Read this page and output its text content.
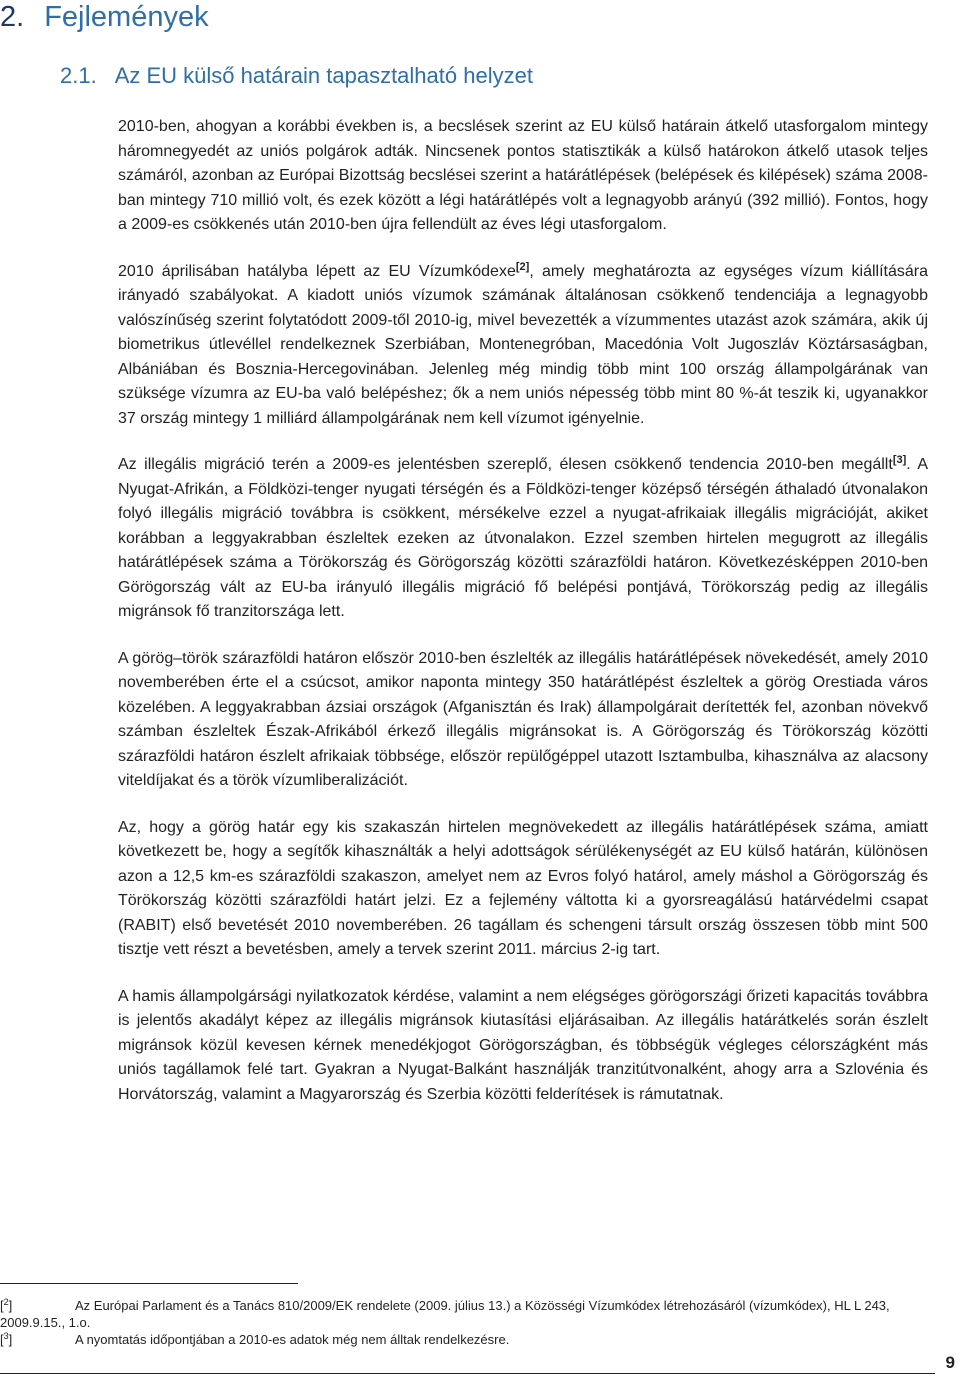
2. Fejlemények
2.1. Az EU külső határain tapasztalható helyzet

2010-ben, ahogyan a korábbi években is, a becslések szerint az EU külső határain átkelő utasforgalom mintegy háromnegyedét az uniós polgárok adták. Nincsenek pontos statisztikák a külső határokon átkelő utasok teljes számáról, azonban az Európai Bizottság becslései szerint a határátlépések (belépések és kilépések) száma 2008-ban mintegy 710 millió volt, és ezek között a légi határátlépés volt a legnagyobb arányú (392 millió). Fontos, hogy a 2009-es csökkenés után 2010-ben újra fellendült az éves légi utasforgalom.

2010 áprilisában hatályba lépett az EU Vízumkódexe[2], amely meghatározta az egységes vízum kiállítására irányadó szabályokat. A kiadott uniós vízumok számának általánosan csökkenő tendenciája a legnagyobb valószínűség szerint folytatódott 2009-től 2010-ig, mivel bevezették a vízummentes utazást azok számára, akik új biometrikus útlevéllel rendelkeznek Szerbiában, Montenegróban, Macedónia Volt Jugoszláv Köztársaságban, Albániában és Bosznia-Hercegovinában. Jelenleg még mindig több mint 100 ország állampolgárának van szüksége vízumra az EU-ba való belépéshez; ők a nem uniós népesség több mint 80 %-át teszik ki, ugyanakkor 37 ország mintegy 1 milliárd állampolgárának nem kell vízumot igényelnie.

Az illegális migráció terén a 2009-es jelentésben szereplő, élesen csökkenő tendencia 2010-ben megállt[3]. A Nyugat-Afrikán, a Földközi-tenger nyugati térségén és a Földközi-tenger középső térségén áthaladó útvonalakon folyó illegális migráció továbbra is csökkent, mérsékelve ezzel a nyugat-afrikaiak illegális migrációját, akiket korábban a leggyakrabban észleltek ezeken az útvonalakon. Ezzel szemben hirtelen megugrott az illegális határátlépések száma a Törökország és Görögország közötti szárazföldi határon. Következésképpen 2010-ben Görögország vált az EU-ba irányuló illegális migráció fő belépési pontjává, Törökország pedig az illegális migránsok fő tranzitországa lett.

A görög–török szárazföldi határon először 2010-ben észlelték az illegális határátlépések növekedését, amely 2010 novemberében érte el a csúcsot, amikor naponta mintegy 350 határátlépést észleltek a görög Orestiada város közelében. A leggyakrabban ázsiai országok (Afganisztán és Irak) állampolgárait derítették fel, azonban növekvő számban észleltek Észak-Afrikából érkező illegális migránsokat is. A Görögország és Törökország közötti szárazföldi határon észlelt afrikaiak többsége, először repülőgéppel utazott Isztambulba, kihasználva az alacsony viteldíjakat és a török vízumliberalizációt.

Az, hogy a görög határ egy kis szakaszán hirtelen megnövekedett az illegális határátlépések száma, amiatt következett be, hogy a segítők kihasználták a helyi adottságok sérülékenységét az EU külső határán, különösen azon a 12,5 km-es szárazföldi szakaszon, amelyet nem az Evros folyó határol, amely máshol a Görögország és Törökország közötti szárazföldi határt jelzi. Ez a fejlemény váltotta ki a gyorsreagálású határvédelmi csapat (RABIT) első bevetését 2010 novemberében. 26 tagállam és schengeni társult ország összesen több mint 500 tisztje vett részt a bevetésben, amely a tervek szerint 2011. március 2-ig tart.

A hamis állampolgársági nyilatkozatok kérdése, valamint a nem elégséges görögországi őrizeti kapacitás továbbra is jelentős akadályt képez az illegális migránsok kiutasítási eljárásaiban. Az illegális határátkelés során észlelt migránsok közül kevesen kérnek menedékjogot Görögországban, és többségük végleges célországként más uniós tagállamok felé tart. Gyakran a Nyugat-Balkánt használják tranzitútvonalként, ahogy arra a Szlovénia és Horvátország, valamint a Magyarország és Szerbia közötti felderítések is rámutatnak.

[$^2$]	Az Európai Parlament és a Tanács 810/2009/EK rendelete (2009. július 13.) a Közösségi Vízumkódex létrehozásáról (vízumkódex), HL L 243, 2009.9.15., 1.o.

[$^3$]	A nyomtatás időpontjában a 2010-es adatok még nem álltak rendelkezésre.

9
